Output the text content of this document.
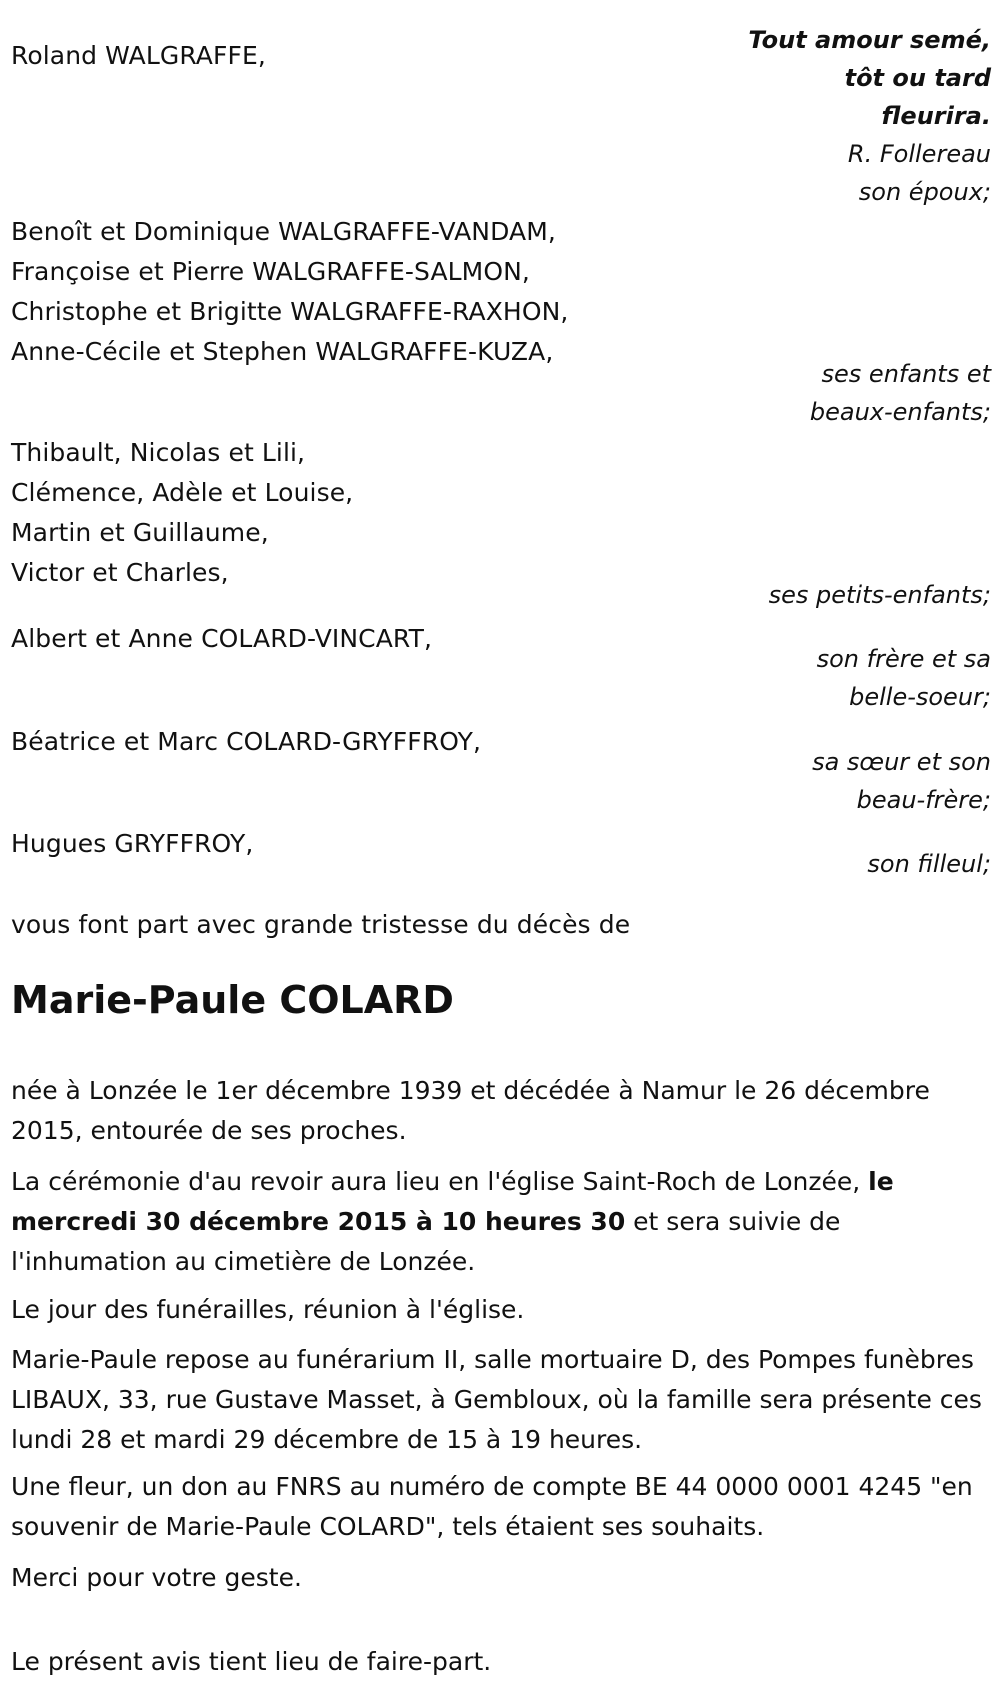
Roland WALGRAFFE,
Tout amour semé,
tôt ou tard
fleurira.
R. Follereau
son époux;
Benoît et Dominique WALGRAFFE-VANDAM,
Françoise et Pierre WALGRAFFE-SALMON,
Christophe et Brigitte WALGRAFFE-RAXHON,
Anne-Cécile et Stephen WALGRAFFE-KUZA,
ses enfants et
beaux-enfants;
Thibault, Nicolas et Lili,
Clémence, Adèle et Louise,
Martin et Guillaume,
Victor et Charles,
ses petits-enfants;
Albert et Anne COLARD-VINCART,
son frère et sa
belle-soeur;
Béatrice et Marc COLARD-GRYFFROY,
sa sœur et son
beau-frère;
Hugues GRYFFROY,
son filleul;
vous font part avec grande tristesse du décès de
Marie-Paule COLARD

née à Lonzée le 1er décembre 1939 et décédée à Namur le 26 décembre 2015, entourée de ses proches.

La cérémonie d'au revoir aura lieu en l'église Saint-Roch de Lonzée, le mercredi 30 décembre 2015 à 10 heures 30 et sera suivie de l'inhumation au cimetière de Lonzée.

Le jour des funérailles, réunion à l'église.

Marie-Paule repose au funérarium II, salle mortuaire D, des Pompes funèbres LIBAUX, 33, rue Gustave Masset, à Gembloux, où la famille sera présente ces lundi 28 et mardi 29 décembre de 15 à 19 heures.

Une fleur, un don au FNRS au numéro de compte BE 44 0000 0001 4245 "en souvenir de Marie-Paule COLARD", tels étaient ses souhaits.

Merci pour votre geste.

Le présent avis tient lieu de faire-part.
